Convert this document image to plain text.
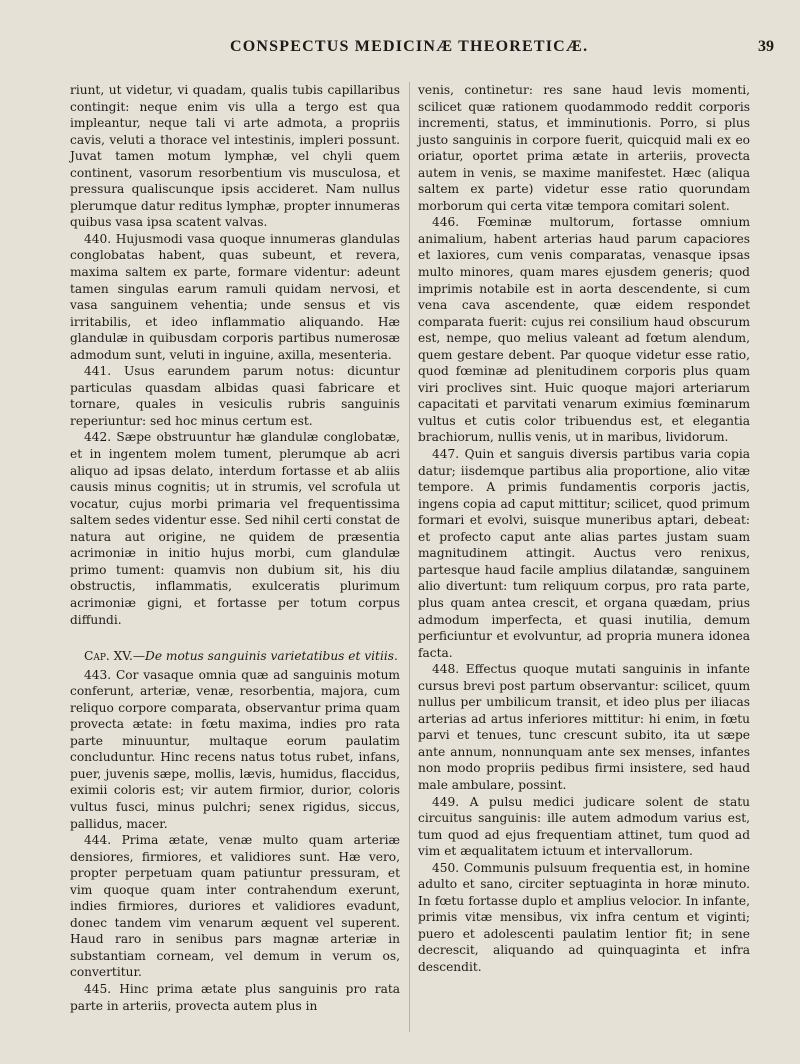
CONSPECTUS MEDICINÆ THEORETICÆ.	39

riunt, ut videtur, vi quadam, qualis tubis capillaribus contingit: neque enim vis ulla a tergo est qua impleantur, neque tali vi arte admota, a propriis cavis, veluti a thorace vel intestinis, impleri possunt. Juvat tamen motum lymphæ, vel chyli quem continent, vasorum resorbentium vis musculosa, et pressura qualiscunque ipsis accideret. Nam nullus plerumque datur reditus lymphæ, propter innumeras quibus vasa ipsa scatent valvas.

440. Hujusmodi vasa quoque innumeras glandulas conglobatas habent, quas subeunt, et revera, maxima saltem ex parte, formare videntur: adeunt tamen singulas earum ramuli quidam nervosi, et vasa sanguinem vehentia; unde sensus et vis irritabilis, et ideo inflammatio aliquando. Hæ glandulæ in quibusdam corporis partibus numerosæ admodum sunt, veluti in inguine, axilla, mesenteria.

441. Usus earundem parum notus: dicuntur particulas quasdam albidas quasi fabricare et tornare, quales in vesiculis rubris sanguinis reperiuntur: sed hoc minus certum est.

442. Sæpe obstruuntur hæ glandulæ conglobatæ, et in ingentem molem tument, plerumque ab acri aliquo ad ipsas delato, interdum fortasse et ab aliis causis minus cognitis; ut in strumis, vel scrofula ut vocatur, cujus morbi primaria vel frequentissima saltem sedes videntur esse. Sed nihil certi constat de natura aut origine, ne quidem de præsentia acrimoniæ in initio hujus morbi, cum glandulæ primo tument: quamvis non dubium sit, his diu obstructis, inflammatis, exulceratis plurimum acrimoniæ gigni, et fortasse per totum corpus diffundi.

Cap. XV.—De motus sanguinis varietatibus et vitiis.

443. Cor vasaque omnia quæ ad sanguinis motum conferunt, arteriæ, venæ, resorbentia, majora, cum reliquo corpore comparata, observantur prima quam provecta ætate: in fœtu maxima, indies pro rata parte minuuntur, multaque eorum paulatim concluduntur. Hinc recens natus totus rubet, infans, puer, juvenis sæpe, mollis, lævis, humidus, flaccidus, eximii coloris est; vir autem firmior, durior, coloris vultus fusci, minus pulchri; senex rigidus, siccus, pallidus, macer.

444. Prima ætate, venæ multo quam arteriæ densiores, firmiores, et validiores sunt. Hæ vero, propter perpetuam quam patiuntur pressuram, et vim quoque quam inter contrahendum exerunt, indies firmiores, duriores et validiores evadunt, donec tandem vim venarum æquent vel superent. Haud raro in senibus pars magnæ arteriæ in substantiam corneam, vel demum in verum os, convertitur.

445. Hinc prima ætate plus sanguinis pro rata parte in arteriis, provecta autem plus in

venis, continetur: res sane haud levis momenti, scilicet quæ rationem quodammodo reddit corporis incrementi, status, et imminutionis. Porro, si plus justo sanguinis in corpore fuerit, quicquid mali ex eo oriatur, oportet prima ætate in arteriis, provecta autem in venis, se maxime manifestet. Hæc (aliqua saltem ex parte) videtur esse ratio quorundam morborum qui certa vitæ tempora comitari solent.

446. Fœminæ multorum, fortasse omnium animalium, habent arterias haud parum capaciores et laxiores, cum venis comparatas, venasque ipsas multo minores, quam mares ejusdem generis; quod imprimis notabile est in aorta descendente, si cum vena cava ascendente, quæ eidem respondet comparata fuerit: cujus rei consilium haud obscurum est, nempe, quo melius valeant ad fœtum alendum, quem gestare debent. Par quoque videtur esse ratio, quod fœminæ ad plenitudinem corporis plus quam viri proclives sint. Huic quoque majori arteriarum capacitati et parvitati venarum eximius fœminarum vultus et cutis color tribuendus est, et elegantia brachiorum, nullis venis, ut in maribus, lividorum.

447. Quin et sanguis diversis partibus varia copia datur; iisdemque partibus alia proportione, alio vitæ tempore. A primis fundamentis corporis jactis, ingens copia ad caput mittitur; scilicet, quod primum formari et evolvi, suisque muneribus aptari, debeat: et profecto caput ante alias partes justam suam magnitudinem attingit. Auctus vero renixus, partesque haud facile amplius dilatandæ, sanguinem alio divertunt: tum reliquum corpus, pro rata parte, plus quam antea crescit, et organa quædam, prius admodum imperfecta, et quasi inutilia, demum perficiuntur et evolvuntur, ad propria munera idonea facta.

448. Effectus quoque mutati sanguinis in infante cursus brevi post partum observantur: scilicet, quum nullus per umbilicum transit, et ideo plus per iliacas arterias ad artus inferiores mittitur: hi enim, in fœtu parvi et tenues, tunc crescunt subito, ita ut sæpe ante annum, nonnunquam ante sex menses, infantes non modo propriis pedibus firmi insistere, sed haud male ambulare, possint.

449. A pulsu medici judicare solent de statu circuitus sanguinis: ille autem admodum varius est, tum quod ad ejus frequentiam attinet, tum quod ad vim et æqualitatem ictuum et intervallorum.

450. Communis pulsuum frequentia est, in homine adulto et sano, circiter septuaginta in horæ minuto. In fœtu fortasse duplo et amplius velocior. In infante, primis vitæ mensibus, vix infra centum et viginti; puero et adolescenti paulatim lentior fit; in sene decrescit, aliquando ad quinquaginta et infra descendit.
